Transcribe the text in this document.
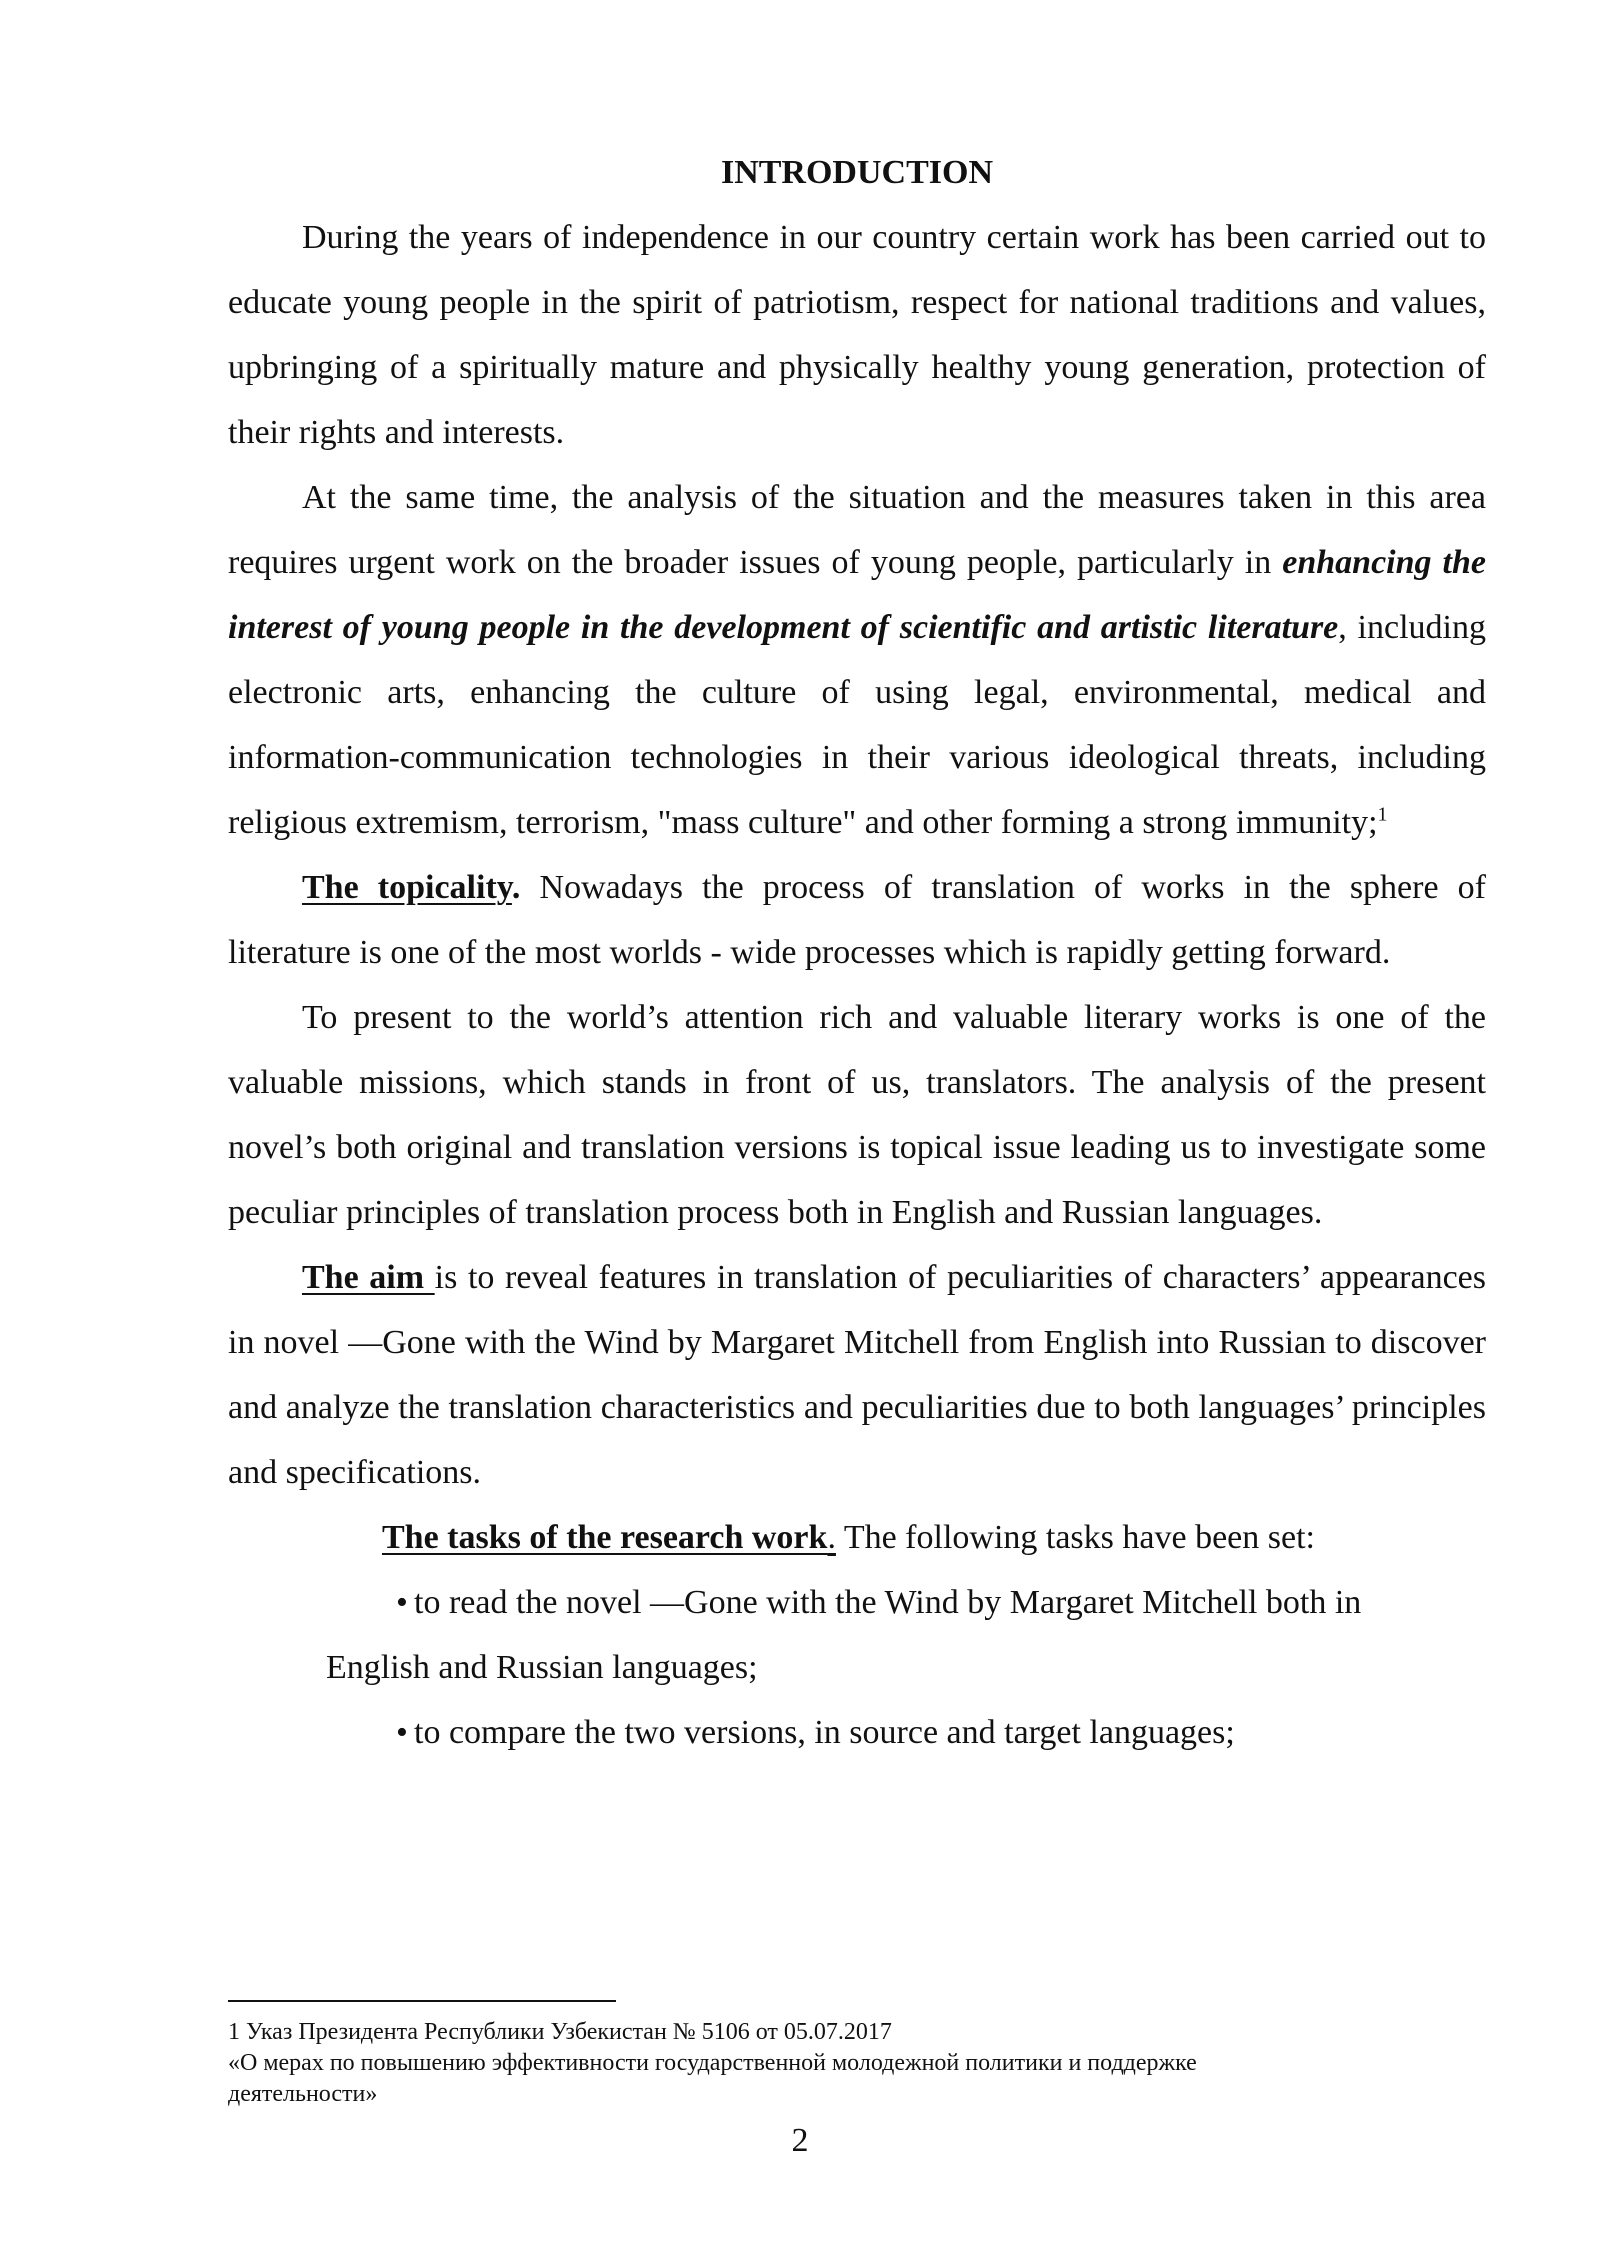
INTRODUCTION

During the years of independence in our country certain work has been carried out to educate young people in the spirit of patriotism, respect for national traditions and values, upbringing of a spiritually mature and physically healthy young generation, protection of their rights and interests.

At the same time, the analysis of the situation and the measures taken in this area requires urgent work on the broader issues of young people, particularly in enhancing the interest of young people in the development of scientific and artistic literature, including electronic arts, enhancing the culture of using legal, environmental, medical and information-communication technologies in their various ideological threats, including religious extremism, terrorism, "mass culture" and other forming a strong immunity;$^1$

The topicality. Nowadays the process of translation of works in the sphere of literature is one of the most worlds - wide processes which is rapidly getting forward.

To present to the world’s attention rich and valuable literary works is one of the valuable missions, which stands in front of us, translators. The analysis of the present novel’s both original and translation versions is topical issue leading us to investigate some peculiar principles of translation process both in English and Russian languages.

The aim is to reveal features in translation of peculiarities of characters’ appearances in novel —Gone with the Wind by Margaret Mitchell from English into Russian to discover and analyze the translation characteristics and peculiarities due to both languages’ principles and specifications.

The tasks of the research work. The following tasks have been set:

• to read the novel —Gone with the Wind by Margaret Mitchell both in
English and Russian languages;
• to compare the two versions, in source and target languages;
1 Указ Президента Республики Узбекистан № 5106 от 05.07.2017
«О мерах по повышению эффективности государственной молодежной политики и поддержке
деятельности»
2
